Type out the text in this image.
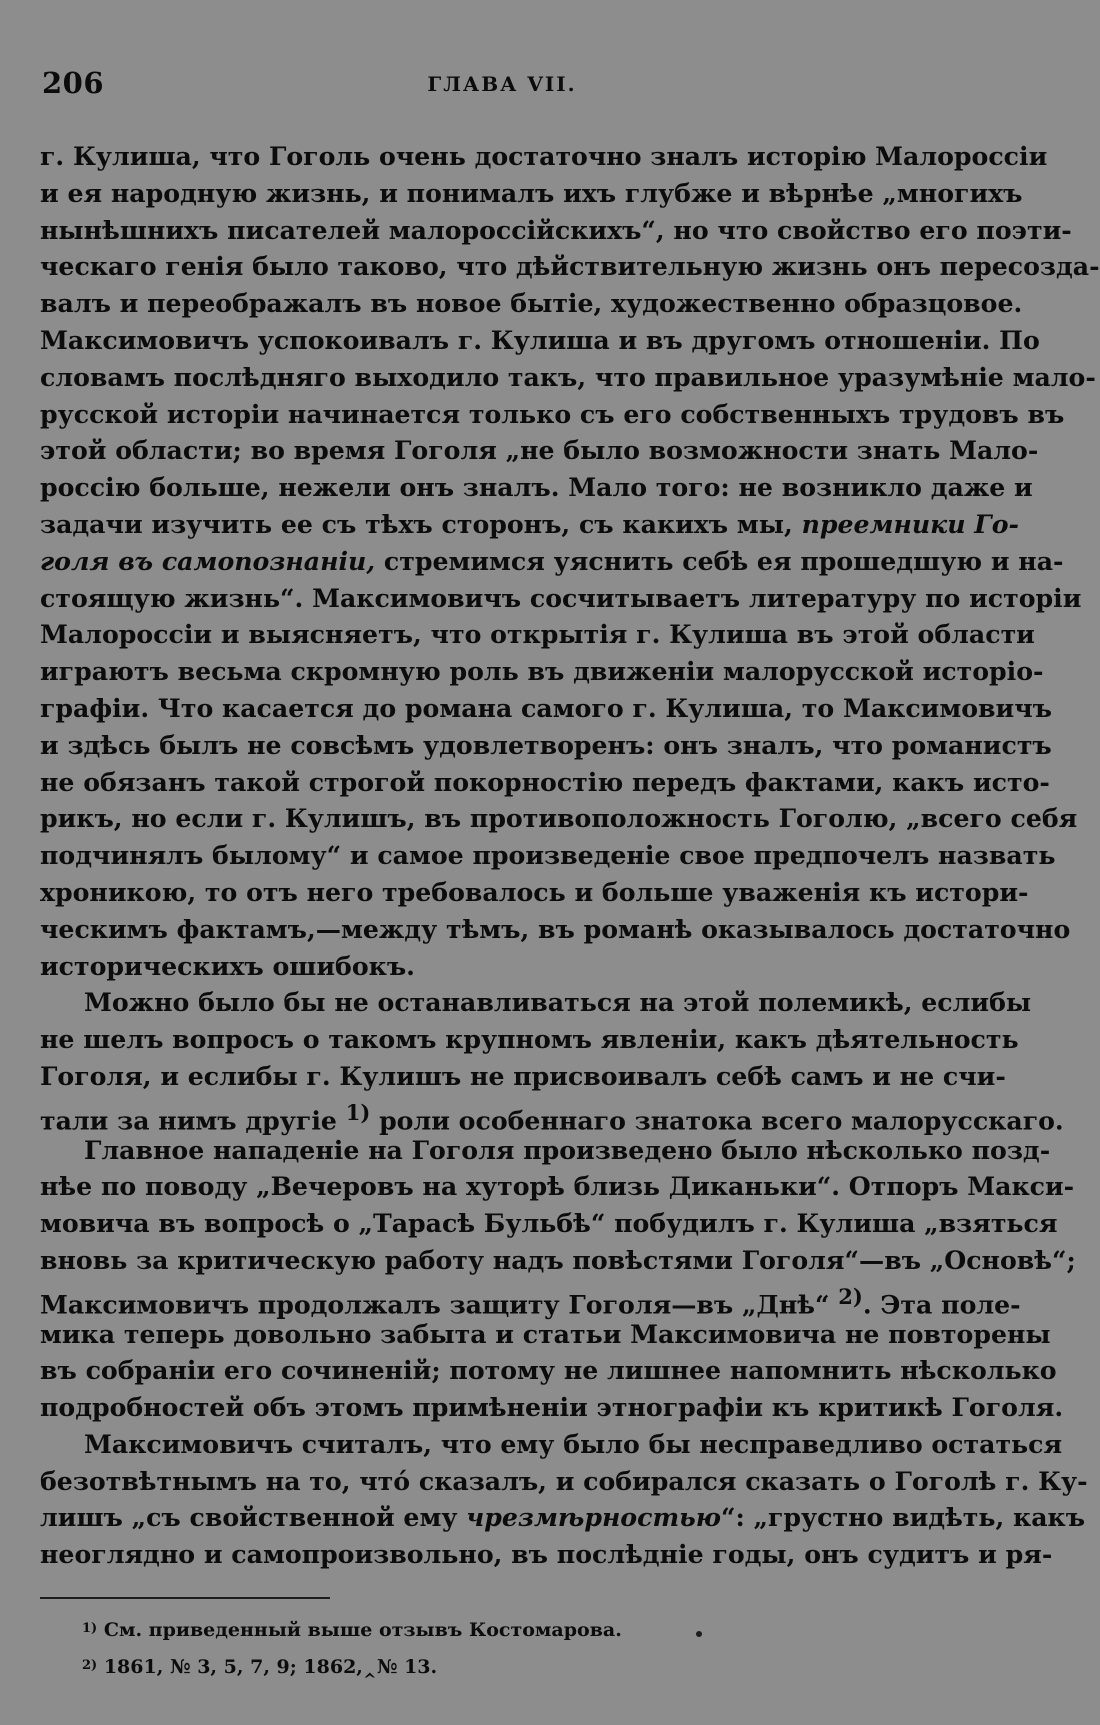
206	ГЛАВА VII.
г. Кулиша, что Гоголь очень достаточно зналъ исторію Малороссіи
и ея народную жизнь, и понималъ ихъ глубже и вѣрнѣе „многихъ
нынѣшнихъ писателей малороссійскихъ“, но что свойство его поэти-
ческаго генія было таково, что дѣйствительную жизнь онъ пересозда-
валъ и переображалъ въ новое бытіе, художественно образцовое.
Максимовичъ успокоивалъ г. Кулиша и въ другомъ отношеніи. По
словамъ послѣдняго выходило такъ, что правильное уразумѣніе мало-
русской исторіи начинается только съ его собственныхъ трудовъ въ
этой области; во время Гоголя „не было возможности знать Мало-
россію больше, нежели онъ зналъ. Мало того: не возникло даже и
задачи изучить ее съ тѣхъ сторонъ, съ какихъ мы, преемники Го-
голя въ самопознаніи, стремимся уяснить себѣ ея прошедшую и на-
стоящую жизнь“. Максимовичъ сосчитываетъ литературу по исторіи
Малороссіи и выясняетъ, что открытія г. Кулиша въ этой области
играютъ весьма скромную роль въ движеніи малорусской исторіо-
графіи. Что касается до романа самого г. Кулиша, то Максимовичъ
и здѣсь былъ не совсѣмъ удовлетворенъ: онъ зналъ, что романистъ
не обязанъ такой строгой покорностію передъ фактами, какъ исто-
рикъ, но если г. Кулишъ, въ противоположность Гоголю, „всего себя
подчинялъ былому“ и самое произведеніе свое предпочелъ назвать
хроникою, то отъ него требовалось и больше уваженія къ истори-
ческимъ фактамъ,—между тѣмъ, въ романѣ оказывалось достаточно
историческихъ ошибокъ.
Можно было бы не останавливаться на этой полемикѣ, еслибы
не шелъ вопросъ о такомъ крупномъ явленіи, какъ дѣятельность
Гоголя, и еслибы г. Кулишъ не присвоивалъ себѣ самъ и не счи-
тали за нимъ другіе $^{1)}$ роли особеннаго знатока всего малорусскаго.
Главное нападеніе на Гоголя произведено было нѣсколько позд-
нѣе по поводу „Вечеровъ на хуторѣ близь Диканьки“. Отпоръ Макси-
мовича въ вопросѣ о „Тарасѣ Бульбѣ“ побудилъ г. Кулиша „взяться
вновь за критическую работу надъ повѣстями Гоголя“—въ „Основѣ“;
Максимовичъ продолжалъ защиту Гоголя—въ „Днѣ“ $^{2)}$. Эта поле-
мика теперь довольно забыта и статьи Максимовича не повторены
въ собраніи его сочиненій; потому не лишнее напомнить нѣсколько
подробностей объ этомъ примѣненіи этнографіи къ критикѣ Гоголя.
Максимовичъ считалъ, что ему было бы несправедливо остаться
безотвѣтнымъ на то, что́ сказалъ, и собирался сказать о Гоголѣ г. Ку-
лишъ „съ свойственной ему чрезмѣрностью“: „грустно видѣть, какъ
неоглядно и самопроизвольно, въ послѣдніе годы, онъ судитъ и ря-
$^{1)}$ См. приведенный выше отзывъ Костомарова.
$^{2)}$ 1861, № 3, 5, 7, 9; 1862,‸№ 13.
